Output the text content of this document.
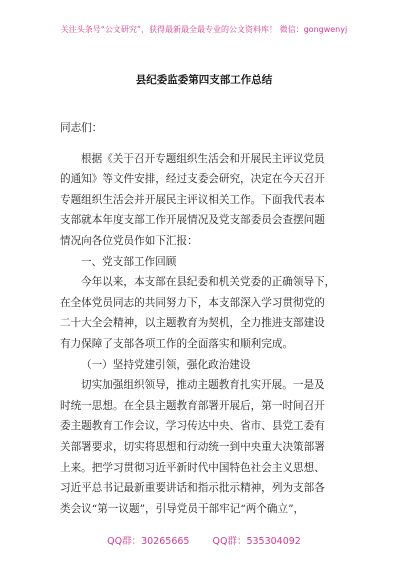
关注头条号“公文研究”，获得最新最全最专业的公文资料库！ 微信：gongwenyj
县纪委监委第四支部工作总结
同志们：
根据《关于召开专题组织生活会和开展民主评议党员
的通知》等文件安排，经过支委会研究，决定在今天召开
专题组织生活会并开展民主评议相关工作。下面我代表本
支部就本年度支部工作开展情况及党支部委员会查摆问题
情况向各位党员作如下汇报：
一、党支部工作回顾
今年以来，本支部在县纪委和机关党委的正确领导下，
在全体党员同志的共同努力下，本支部深入学习贯彻党的
二十大全会精神，以主题教育为契机，全力推进支部建设
有力保障了支部各项工作的全面落实和顺利完成。
（一）坚持党建引领，强化政治建设
切实加强组织领导，推动主题教育扎实开展。一是及
时统一思想。在全县主题教育部署开展后，第一时间召开
委主题教育工作会议，学习传达中央、省市、县党工委有
关部署要求，切实将思想和行动统一到中央重大决策部署
上来。把学习贯彻习近平新时代中国特色社会主义思想、
习近平总书记最新重要讲话和指示批示精神，列为支部各
类会议“第一议题”，引导党员干部牢记“两个确立”，
QQ群：30265665 QQ群：535304092
